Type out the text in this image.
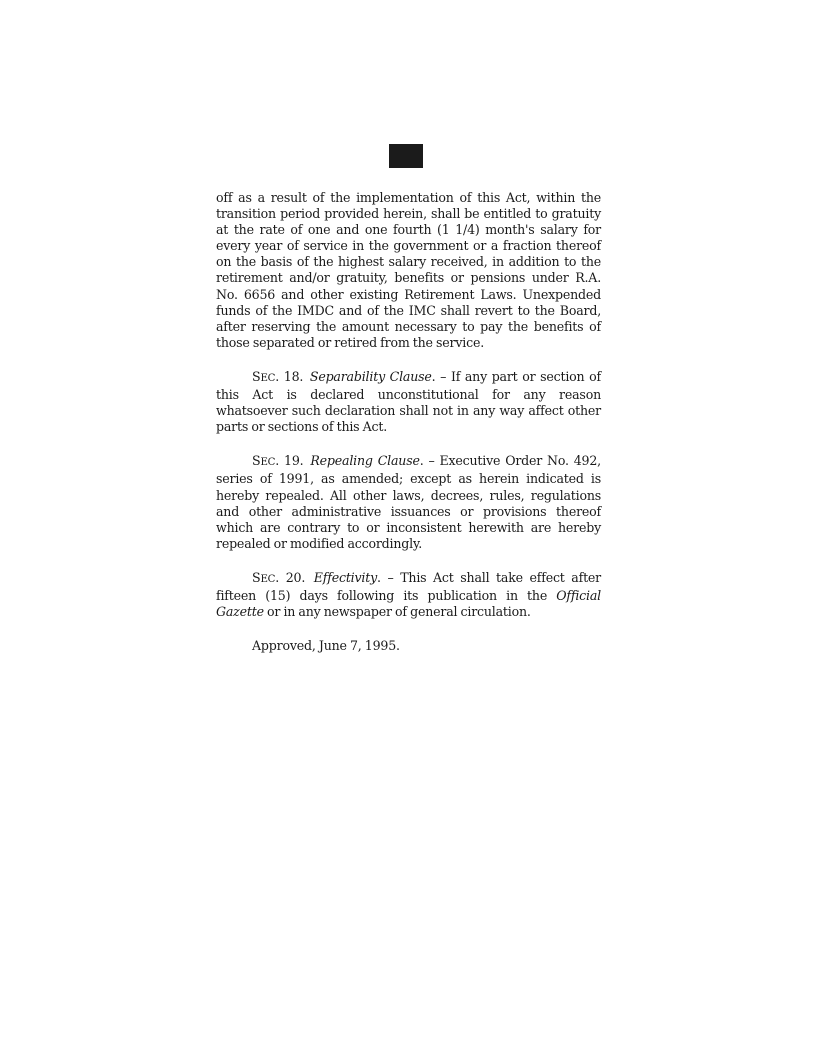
off as a result of the implementation of this Act, within the transition period provided herein, shall be entitled to gratuity at the rate of one and one fourth (1 1/4) month's salary for every year of service in the government or a fraction thereof on the basis of the highest salary received, in addition to the retirement and/or gratuity, benefits or pensions under R.A. No. 6656 and other existing Retirement Laws. Unexpended funds of the IMDC and of the IMC shall revert to the Board, after reserving the amount necessary to pay the benefits of those separated or retired from the service.

SEC. 18. Separability Clause. – If any part or section of this Act is declared unconstitutional for any reason whatsoever such declaration shall not in any way affect other parts or sections of this Act.

SEC. 19. Repealing Clause. – Executive Order No. 492, series of 1991, as amended; except as herein indicated is hereby repealed. All other laws, decrees, rules, regulations and other administrative issuances or provisions thereof which are contrary to or inconsistent herewith are hereby repealed or modified accordingly.

SEC. 20. Effectivity. – This Act shall take effect after fifteen (15) days following its publication in the Official Gazette or in any newspaper of general circulation.

Approved, June 7, 1995.
